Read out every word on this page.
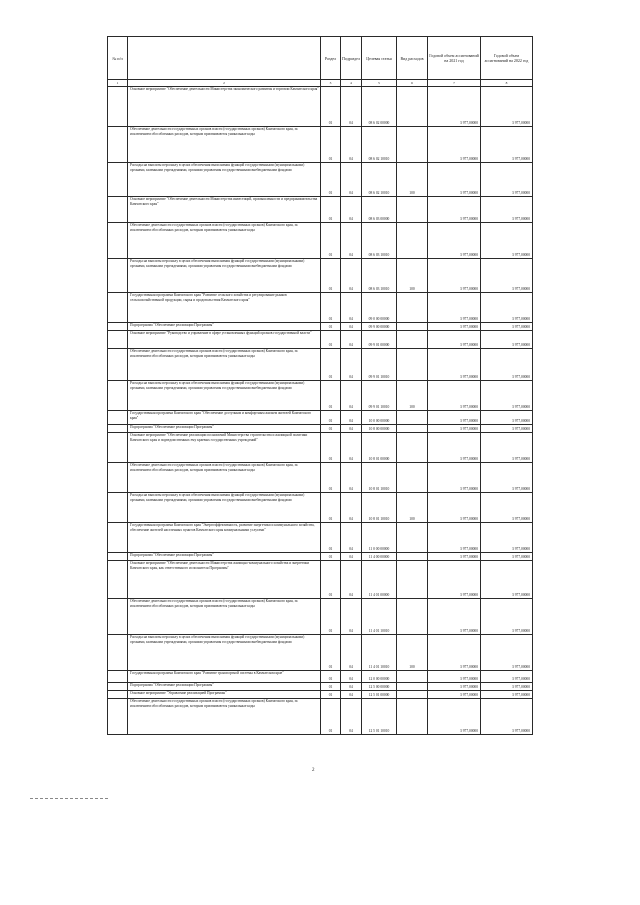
№ п/п		Раздел	Подраздел	Целевая статья	Вид расходов	Годовой объем ассигнований на 2021 год	Годовой объем ассигнований на 2022 год
1	2	3	4	5	6	7	8
	Основное мероприятие "Обеспечение деятельности Министерства экономического развития и торговли Камчатского края"	01	04	08 6 02 00000		3 977,00000	3 977,00000
	Обеспечение деятельности государственных органов власти (государственных органов) Камчатского края, за исключением обособленных расходов, которым присваиваются уникальные коды	01	04	08 6 02 10010		3 977,00000	3 977,00000
	Расходы на выплаты персоналу в целях обеспечения выполнения функций государственными (муниципальными) органами, казенными учреждениями, органами управления государственными внебюджетными фондами	01	04	08 6 02 10010	100	3 977,00000	3 977,00000
	Основное мероприятие "Обеспечение деятельности Министерства инвестиций, промышленности и предпринимательства Камчатского края"	01	04	08 6 03 00000		3 977,00000	3 977,00000
	Обеспечение деятельности государственных органов власти (государственных органов) Камчатского края, за исключением обособленных расходов, которым присваиваются уникальные коды	01	04	08 6 03 10010		3 977,00000	3 977,00000
	Расходы на выплаты персоналу в целях обеспечения выполнения функций государственными (муниципальными) органами, казенными учреждениями, органами управления государственными внебюджетными фондами	01	04	08 6 03 10010	100	3 977,00000	3 977,00000
	Государственная программа Камчатского края "Развитие сельского хозяйства и регулирование рынков сельскохозяйственной продукции, сырья и продовольствия Камчатского края"	01	04	09 0 00 00000		3 977,00000	3 977,00000
	Подпрограмма "Обеспечение реализации Программы"	01	04	09 9 00 00000		3 977,00000	3 977,00000
	Основное мероприятие "Руководство и управление в сфере установленных функций органов государственной власти"	01	04	09 9 01 00000		3 977,00000	3 977,00000
	Обеспечение деятельности государственных органов власти (государственных органов) Камчатского края, за исключением обособленных расходов, которым присваиваются уникальные коды	01	04	09 9 01 10010		3 977,00000	3 977,00000
	Расходы на выплаты персоналу в целях обеспечения выполнения функций государственными (муниципальными) органами, казенными учреждениями, органами управления государственными внебюджетными фондами	01	04	09 9 01 10010	100	3 977,00000	3 977,00000
	Государственная программа Камчатского края "Обеспечение доступным и комфортным жильем жителей Камчатского края"	01	04	10 0 00 00000		3 977,00000	3 977,00000
	Подпрограмма "Обеспечение реализации Программы"	01	04	10 8 00 00000		3 977,00000	3 977,00000
	Основное мероприятие "Обеспечение реализации полномочий Министерства строительства и жилищной политики Камчатского края и подведомственных ему краевых государственных учреждений"	01	04	10 8 01 00000		3 977,00000	3 977,00000
	Обеспечение деятельности государственных органов власти (государственных органов) Камчатского края, за исключением обособленных расходов, которым присваиваются уникальные коды	01	04	10 8 01 10010		3 977,00000	3 977,00000
	Расходы на выплаты персоналу в целях обеспечения выполнения функций государственными (муниципальными) органами, казенными учреждениями, органами управления государственными внебюджетными фондами	01	04	10 8 01 10010	100	3 977,00000	3 977,00000
	Государственная программа Камчатского края "Энергоэффективность, развитие энергетики и коммунального хозяйства, обеспечение жителей населенных пунктов Камчатского края коммунальными услугами"	01	04	11 0 00 00000		3 977,00000	3 977,00000
	Подпрограмма "Обеспечение реализации Программы"	01	04	11 4 00 00000		3 977,00000	3 977,00000
	Основное мероприятие "Обеспечение деятельности Министерства жилищно-коммунального хозяйства и энергетики Камчатского края, как ответственного исполнителя Программы"	01	04	11 4 01 00000		3 977,00000	3 977,00000
	Обеспечение деятельности государственных органов власти (государственных органов) Камчатского края, за исключением обособленных расходов, которым присваиваются уникальные коды	01	04	11 4 01 10010		3 977,00000	3 977,00000
	Расходы на выплаты персоналу в целях обеспечения выполнения функций государственными (муниципальными) органами, казенными учреждениями, органами управления государственными внебюджетными фондами	01	04	11 4 01 10010	100	3 977,00000	3 977,00000
	Государственная программа Камчатского края "Развитие транспортной системы в Камчатском крае"	01	04	12 0 00 00000		3 977,00000	3 977,00000
	Подпрограмма "Обеспечение реализации Программы"	01	04	12 5 00 00000		3 977,00000	3 977,00000
	Основное мероприятие "Управление реализацией Программы"	01	04	12 5 01 00000		3 977,00000	3 977,00000
	Обеспечение деятельности государственных органов власти (государственных органов) Камчатского края, за исключением обособленных расходов, которым присваиваются уникальные коды	01	04	12 5 01 10010		3 977,00000	3 977,00000
2
